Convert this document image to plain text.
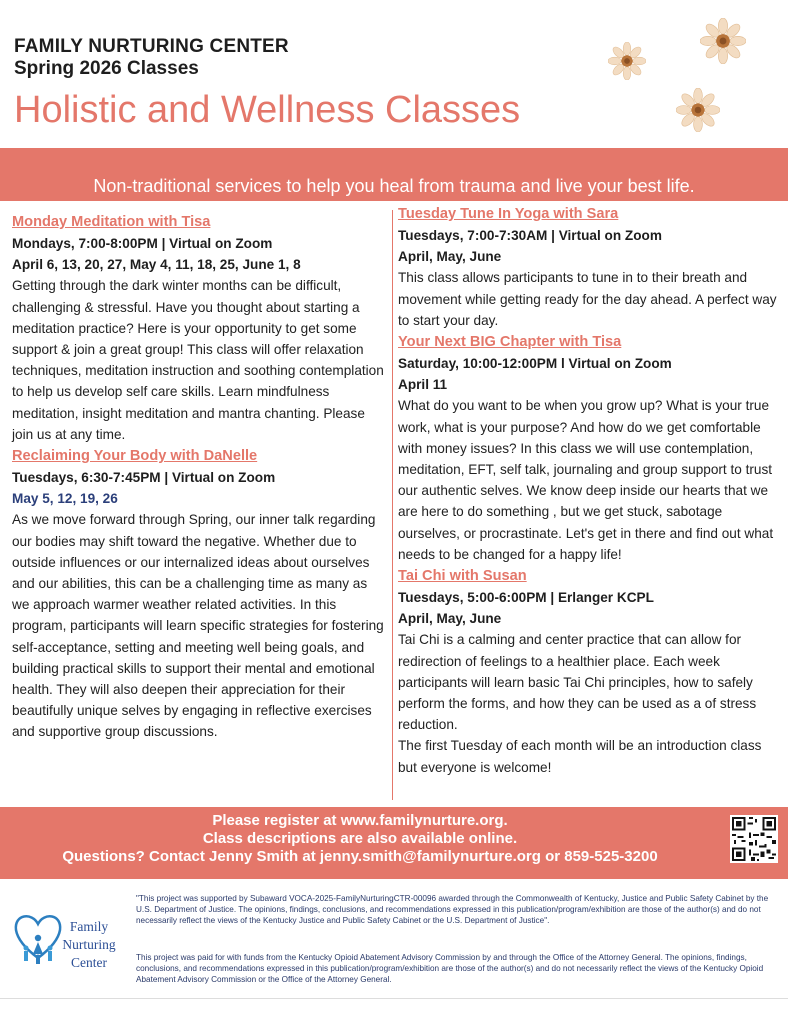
FAMILY NURTURING CENTER
Spring 2026 Classes
Holistic and Wellness Classes
Non-traditional services to help you heal from trauma and live your best life.
Monday Meditation with Tisa
Mondays, 7:00-8:00PM | Virtual on Zoom
April 6, 13, 20, 27, May 4, 11, 18, 25, June 1, 8
Getting through the dark winter months can be difficult, challenging & stressful. Have you thought about starting a meditation practice? Here is your opportunity to get some support & join a great group! This class will offer relaxation techniques, meditation instruction and soothing contemplation to help us develop self care skills. Learn mindfulness meditation, insight meditation and mantra chanting. Please join us at any time.
Reclaiming Your Body with DaNelle
Tuesdays, 6:30-7:45PM | Virtual on Zoom
May 5, 12, 19, 26
As we move forward through Spring, our inner talk regarding our bodies may shift toward the negative. Whether due to outside influences or our internalized ideas about ourselves and our abilities, this can be a challenging time as many as we approach warmer weather related activities. In this program, participants will learn specific strategies for fostering self-acceptance, setting and meeting well being goals, and building practical skills to support their mental and emotional health. They will also deepen their appreciation for their beautifully unique selves by engaging in reflective exercises and supportive group discussions.
Tuesday Tune In Yoga with Sara
Tuesdays, 7:00-7:30AM | Virtual on Zoom
April, May, June
This class allows participants to tune in to their breath and movement while getting ready for the day ahead. A perfect way to start your day.
Your Next BIG Chapter with Tisa
Saturday, 10:00-12:00PM l Virtual on Zoom
April 11
What do you want to be when you grow up? What is your true work, what is your purpose? And how do we get comfortable with money issues? In this class we will use contemplation, meditation, EFT, self talk, journaling and group support to trust our authentic selves. We know deep inside our hearts that we are here to do something , but we get stuck, sabotage ourselves, or procrastinate. Let's get in there and find out what needs to be changed for a happy life!
Tai Chi with Susan
Tuesdays, 5:00-6:00PM | Erlanger KCPL
April, May, June
Tai Chi is a calming and center practice that can allow for redirection of feelings to a healthier place. Each week participants will learn basic Tai Chi principles, how to safely perform the forms, and how they can be used as a of stress reduction.
The first Tuesday of each month will be an introduction class but everyone is welcome!
Please register at www.familynurture.org.
Class descriptions are also available online.
Questions? Contact Jenny Smith at jenny.smith@familynurture.org or 859-525-3200
Family
Nurturing
Center
"This project was supported by Subaward VOCA-2025-FamilyNurturingCTR-00096 awarded through the Commonwealth of Kentucky, Justice and Public Safety Cabinet by the U.S. Department of Justice. The opinions, findings, conclusions, and recommendations expressed in this publication/program/exhibition are those of the author(s) and do not necessarily reflect the views of the Kentucky Justice and Public Safety Cabinet or the U.S. Department of Justice".
This project was paid for with funds from the Kentucky Opioid Abatement Advisory Commission by and through the Office of the Attorney General. The opinions, findings, conclusions, and recommendations expressed in this publication/program/exhibition are those of the author(s) and do not necessarily reflect the views of the Kentucky Opioid Abatement Advisory Commission or the Office of the Attorney General.
